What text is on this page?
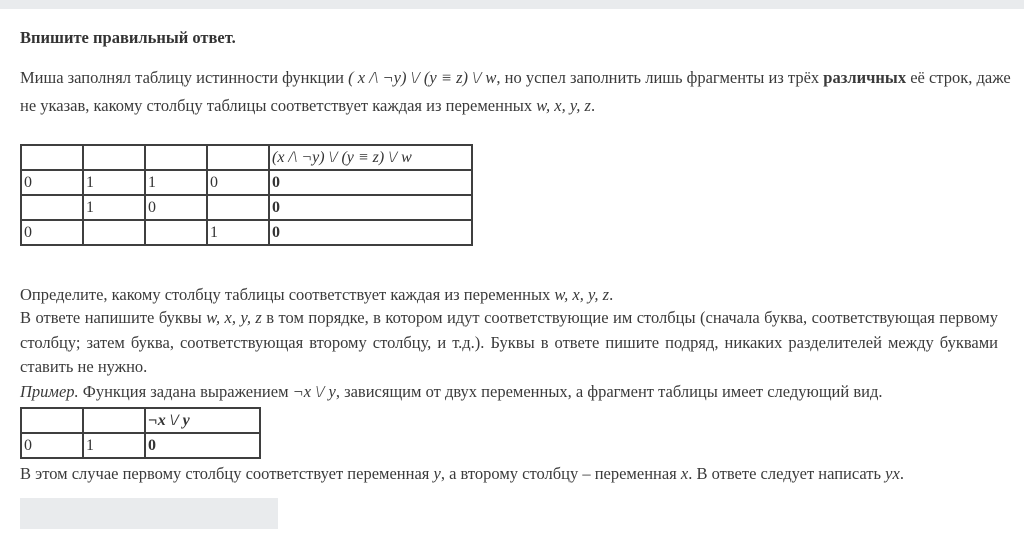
Впишите правильный ответ.
Миша заполнял таблицу истинности функции ( x /\ ¬y) \/ (y ≡ z) \/ w, но успел заполнить лишь фрагменты из трёх различных её строк, даже не указав, какому столбцу таблицы соответствует каждая из переменных w, x, y, z.
				(x /\ ¬y) \/ (y ≡ z) \/ w
0	1	1	0	0
	1	0		0
0			1	0
Определите, какому столбцу таблицы соответствует каждая из переменных w, x, y, z.
В ответе напишите буквы w, x, y, z в том порядке, в котором идут соответствующие им столбцы (сначала буква, соответствующая первому столбцу; затем буква, соответствующая второму столбцу, и т.д.). Буквы в ответе пишите подряд, никаких разделителей между буквами ставить не нужно.
Пример. Функция задана выражением ¬x \/ y, зависящим от двух переменных, а фрагмент таблицы имеет следующий вид.
		¬x \/ y
0	1	0
В этом случае первому столбцу соответствует переменная y, а второму столбцу – переменная x. В ответе следует написать yx.
